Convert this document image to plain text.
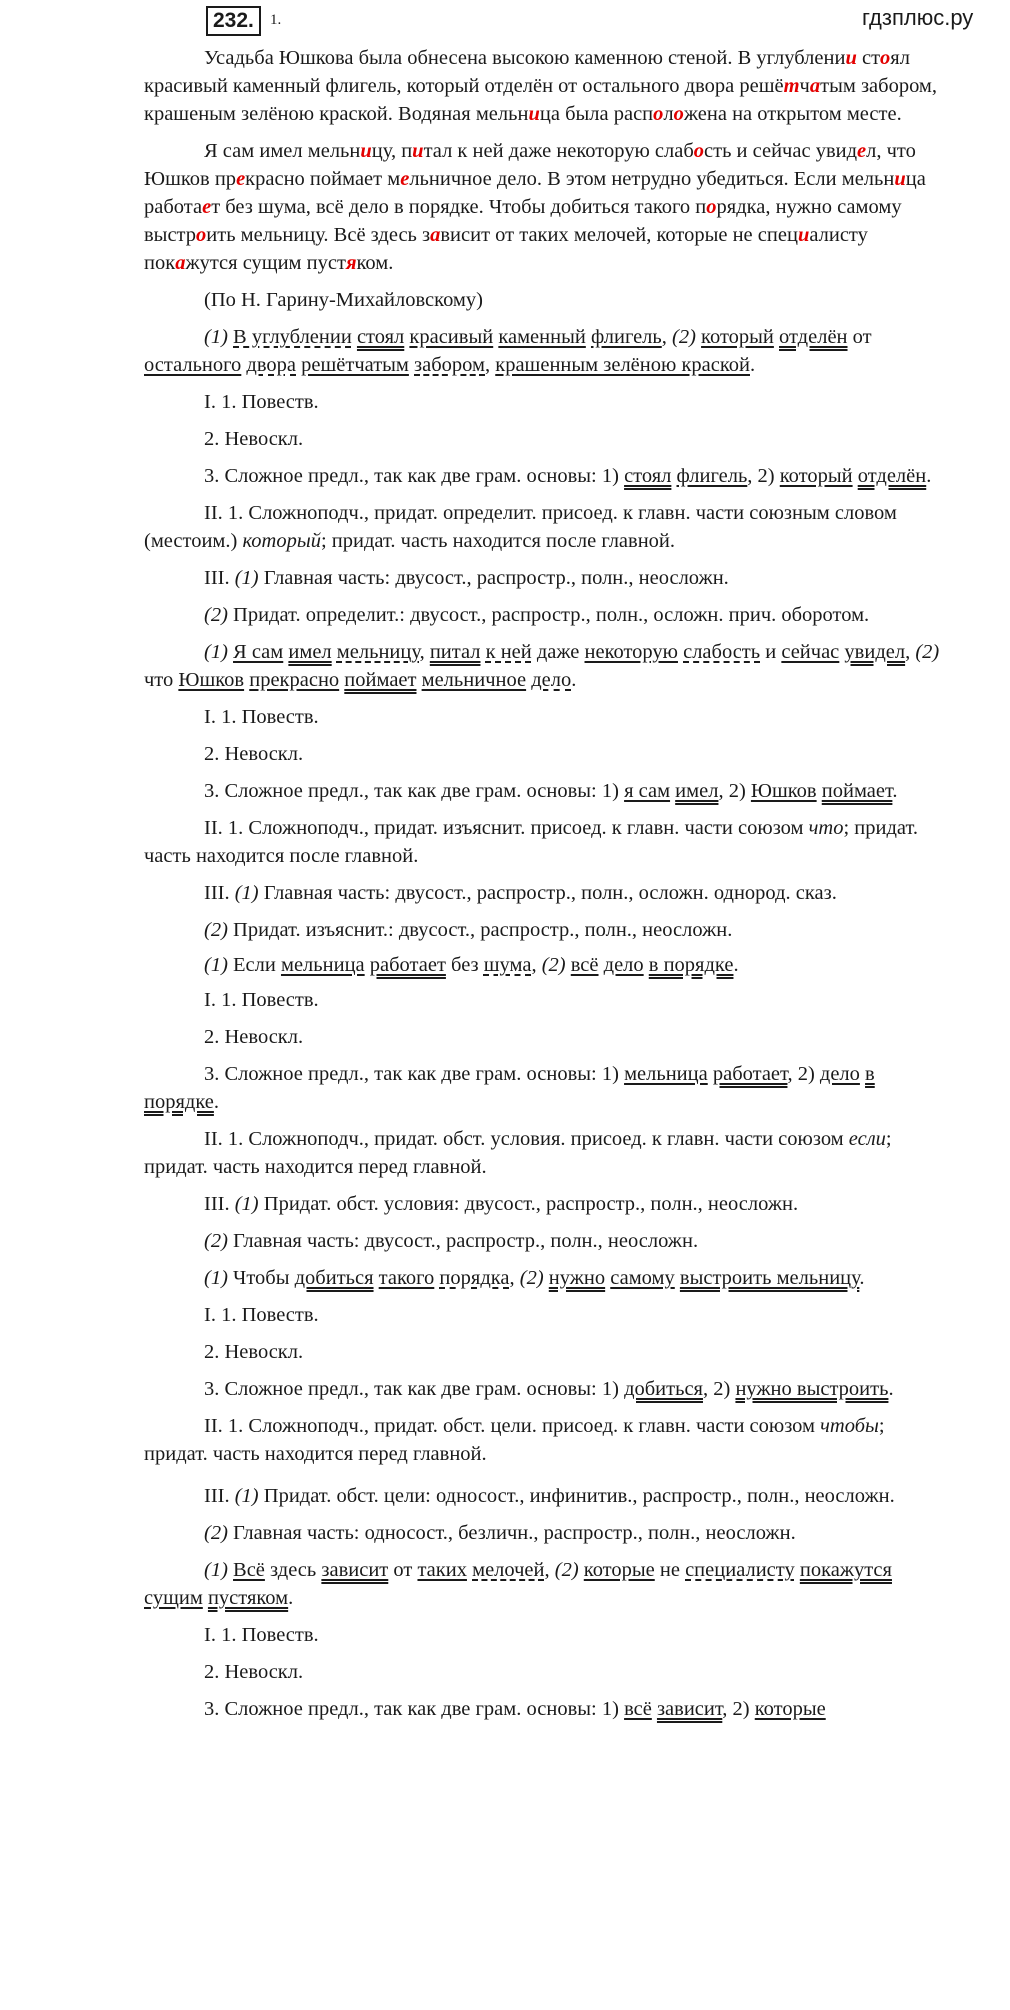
232.	1.	гдзплюс.ру

Усадьба Юшкова была обнесена высокою каменною стеной. В углублении стоял красивый каменный флигель, который отделён от остального двора решётчатым забором, крашеным зелёною краской. Водяная мельница была расположена на открытом месте.

Я сам имел мельницу, питал к ней даже некоторую слабость и сейчас увидел, что Юшков прекрасно поймает мельничное дело. В этом нетрудно убедиться. Если мельница работает без шума, всё дело в порядке. Чтобы добиться такого порядка, нужно самому выстроить мельницу. Всё здесь зависит от таких мелочей, которые не специалисту покажутся сущим пустяком.

(По Н. Гарину-Михайловскому)

(1) В углублении стоял красивый каменный флигель, (2) который отделён от остального двора решётчатым забором, крашенным зелёною краской.

I. 1. Повеств.

2. Невоскл.

3. Сложное предл., так как две грам. основы: 1) стоял флигель, 2) который отделён.

II. 1. Сложноподч., придат. определит. присоед. к главн. части союзным словом (местоим.) который; придат. часть находится после главной.

III. (1) Главная часть: двусост., распростр., полн., неосложн.

(2) Придат. определит.: двусост., распростр., полн., осложн. прич. оборотом.

(1) Я сам имел мельницу, питал к ней даже некоторую слабость и сейчас увидел, (2) что Юшков прекрасно поймает мельничное дело.

I. 1. Повеств.

2. Невоскл.

3. Сложное предл., так как две грам. основы: 1) я сам имел, 2) Юшков поймает.

II. 1. Сложноподч., придат. изъяснит. присоед. к главн. части союзом что; придат. часть находится после главной.

III. (1) Главная часть: двусост., распростр., полн., осложн. однород. сказ.

(2) Придат. изъяснит.: двусост., распростр., полн., неосложн.

(1) Если мельница работает без шума, (2) всё дело в порядке.

I. 1. Повеств.

2. Невоскл.

3. Сложное предл., так как две грам. основы: 1) мельница работает, 2) дело в порядке.

II. 1. Сложноподч., придат. обст. условия. присоед. к главн. части союзом если; придат. часть находится перед главной.

III. (1) Придат. обст. условия: двусост., распростр., полн., неосложн.

(2) Главная часть: двусост., распростр., полн., неосложн.

(1) Чтобы добиться такого порядка, (2) нужно самому выстроить мельницу.

I. 1. Повеств.

2. Невоскл.

3. Сложное предл., так как две грам. основы: 1) добиться, 2) нужно выстроить.

II. 1. Сложноподч., придат. обст. цели. присоед. к главн. части союзом чтобы; придат. часть находится перед главной.

III. (1) Придат. обст. цели: односост., инфинитив., распростр., полн., неосложн.

(2) Главная часть: односост., безличн., распростр., полн., неосложн.

(1) Всё здесь зависит от таких мелочей, (2) которые не специалисту покажутся сущим пустяком.

I. 1. Повеств.

2. Невоскл.

3. Сложное предл., так как две грам. основы: 1) всё зависит, 2) которые
